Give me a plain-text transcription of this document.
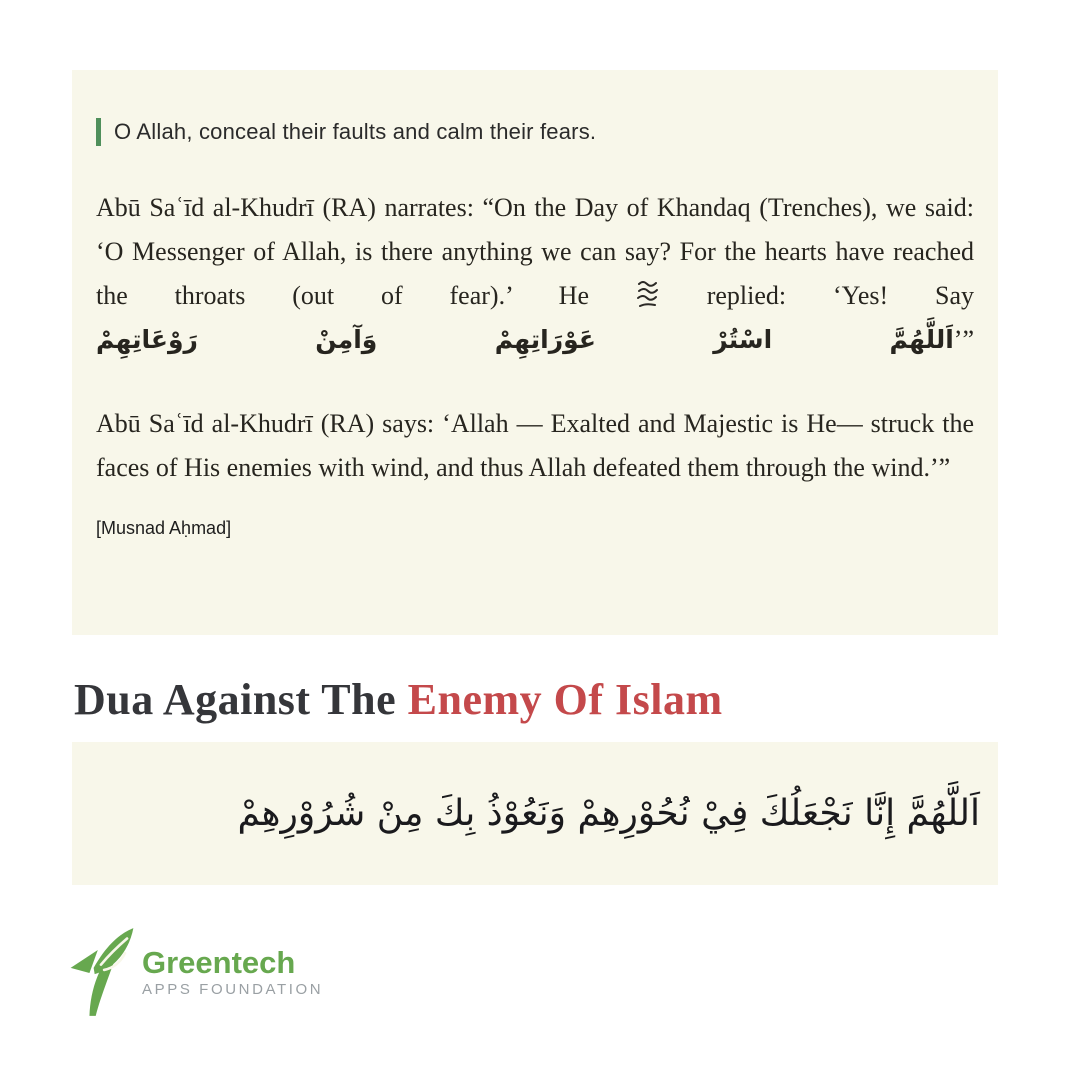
O Allah, conceal their faults and calm their fears.

Abū Saʿīd al-Khudrī (RA) narrates: “On the Day of Khandaq (Trenches), we said: ‘O Messenger of Allah, is there anything we can say? For the hearts have reached the throats (out of fear).’ He	replied: ‘Yes! Say اَللَّهُمَّ اسْتُرْ عَوْرَاتِهِمْ وَآمِنْ رَوْعَاتِهِمْ’”

Abū Saʿīd al-Khudrī (RA) says: ‘Allah — Exalted and Majestic is He— struck the faces of His enemies with wind, and thus Allah defeated them through the wind.’”

[Musnad Aḥmad]
Dua Against The Enemy Of Islam
اَللَّهُمَّ إِنَّا نَجْعَلُكَ فِيْ نُحُوْرِهِمْ وَنَعُوْذُ بِكَ مِنْ شُرُوْرِهِمْ
Greentech
APPS FOUNDATION
